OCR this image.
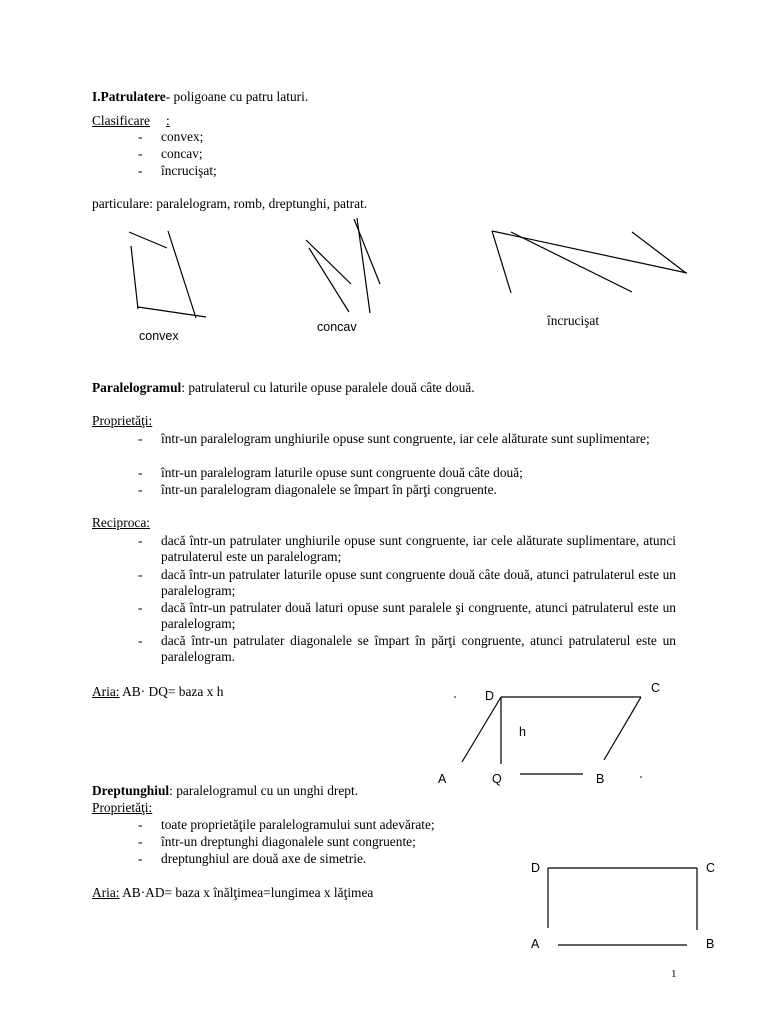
I.Patrulatere- poligoane cu patru laturi.
Clasificare :
- convex;
- concav;
- încrucişat;
particulare: paralelogram, romb, dreptunghi, patrat.
convex
concav	încrucişat
Paralelogramul: patrulaterul cu laturile opuse paralele două câte două.
Proprietăţi:
- într-un paralelogram unghiurile opuse sunt congruente, iar cele alăturate sunt suplimentare;
- într-un paralelogram laturile opuse sunt congruente două câte două;
- într-un paralelogram diagonalele se împart în părţi congruente.
Reciproca:
- dacă într-un patrulater unghiurile opuse sunt congruente, iar cele alăturate suplimentare, atunci patrulaterul este un paralelogram;
- dacă într-un patrulater laturile opuse sunt congruente două câte două, atunci patrulaterul este un paralelogram;
- dacă într-un patrulater două laturi opuse sunt paralele şi congruente, atunci patrulaterul este un paralelogram;
- dacă într-un patrulater diagonalele se împart în părţi congruente, atunci patrulaterul este un paralelogram.
Aria: AB· DQ= baza x h	D
C
h
A	Q	B
Dreptunghiul: paralelogramul cu un unghi drept.
Proprietăţi:
- toate proprietăţile paralelogramului sunt adevărate;
- într-un dreptunghi diagonalele sunt congruente;
- dreptunghiul are două axe de simetrie.
Aria: AB·AD= baza x înălţimea=lungimea x lăţimea
D	C
A	B
1
